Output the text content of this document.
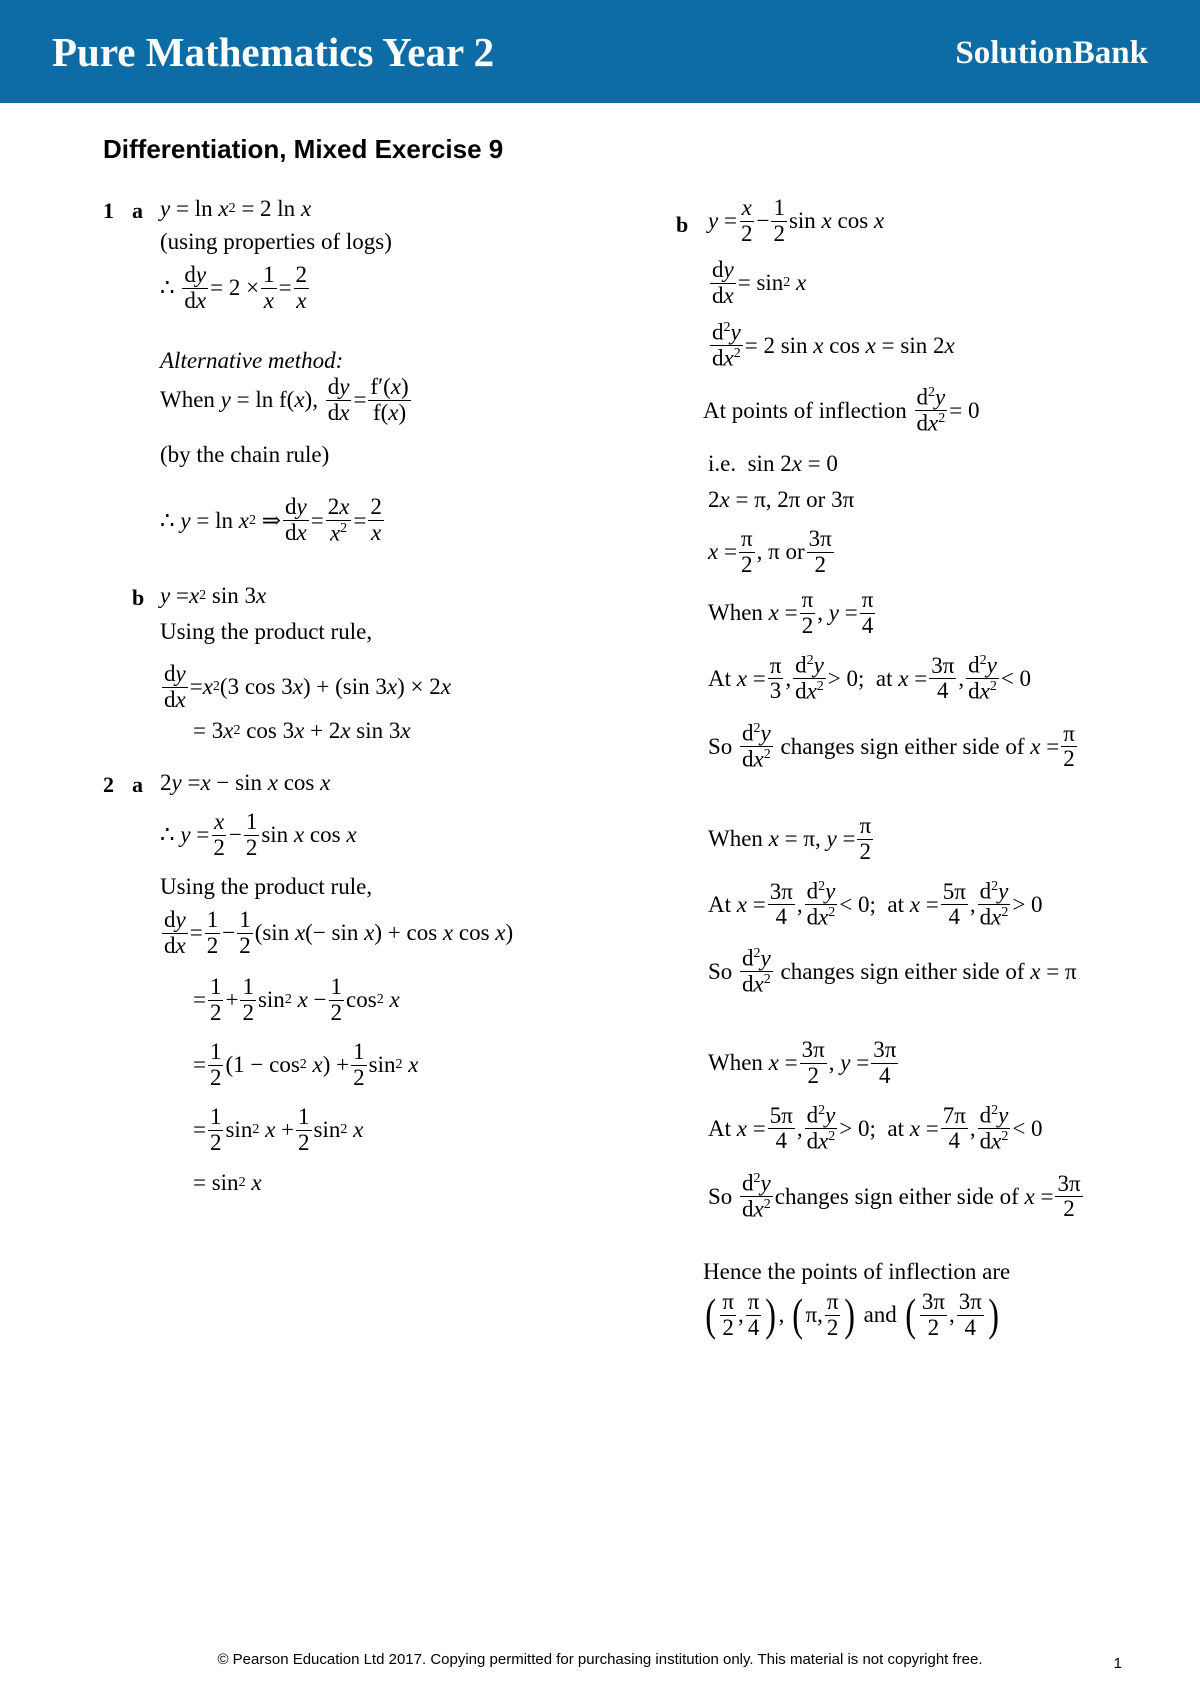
Pure Mathematics Year 2	SolutionBank
Differentiation, Mixed Exercise 9
1 a y = ln x 2 = 2 ln x
(using properties of logs)
∴ $\frac{dy}{dx} = 2 \times \frac{1}{x} = \frac{2}{x}$
Alternative method:
When
y = ln f( x ), $\frac{dy}{dx} = \frac{f'(x)}{f(x)}$
(by the chain rule)
∴ y = ln x 2 ⇒ $\frac{dy}{dx} = \frac{2x}{x^2} = \frac{2}{x}$
b y = x 2 sin 3 x
Using the product rule,
$\frac{dy}{dx} = x$ 2 (3 cos 3 x ) + (sin 3 x ) × 2 x
= 3 x 2 cos 3 x + 2 x sin 3 x
2 a 2 y = x − sin x cos x
∴ $y = \frac{x}{2} - \frac{1}{2}$ sin x cos x
Using the product rule,
$\frac{dy}{dx} = \frac{1}{2} - \frac{1}{2} (\sin$ x (− sin x ) + cos x cos x )
= $\frac{1}{2} + \frac{1}{2}$ sin 2
$x - \frac{1}{2}$ cos 2
x
= $\frac{1}{2} (1 - \cos 2$
x ) + $\frac{1}{2}$ sin 2
x
= $\frac{1}{2}$ sin 2
$x + \frac{1}{2}$ sin 2
x
= sin 2
x
b $y = \frac{x}{2} - \frac{1}{2}$ sin x cos x
$\frac{dy}{dx} = \sin 2$
x
$\frac{d^2y}{dx^2} = 2$ sin x cos x = sin 2 x
At points of inflection
$\frac{d^2y}{dx^2} = 0$
i.e. sin 2 x = 0
2 x = π, 2π or 3π
$x = \frac{\pi}{2}$ , π or $\frac{3\pi}{2}$
When
$x = \frac{\pi}{2}$ , $y = \frac{\pi}{4}$
At
$x = \frac{\pi}{3}$ , $\frac{d^2y}{dx^2} > 0$;  at $x = \frac{3\pi}{4}$ , $\frac{d^2y}{dx^2} < 0$
So
$\frac{d^2y}{dx^2}$
changes sign either side of
$x = \frac{\pi}{2}$
When
x = π, $y = \frac{\pi}{2}$
At
$x = \frac{3\pi}{4}$ , $\frac{d^2y}{dx^2} < 0$;  at $x = \frac{5\pi}{4}$ , $\frac{d^2y}{dx^2} > 0$
So
$\frac{d^2y}{dx^2}$
changes sign either side of
x = π
When
$x = \frac{3\pi}{2}$ , $y = \frac{3\pi}{4}$
At
$x = \frac{5\pi}{4}$ , $\frac{d^2y}{dx^2} > 0$;  at $x = \frac{7\pi}{4}$ , $\frac{d^2y}{dx^2} < 0$
So
$\frac{d^2y}{dx^2}$ changes sign either side of
$x = \frac{3\pi}{2}$
Hence the points of inflection are
( $\frac{\pi}{2}$ , $\frac{\pi}{4}$ ) , ( π, $\frac{\pi}{2}$ )
and
( $\frac{3\pi}{2}$ , $\frac{3\pi}{4}$ )
© Pearson Education Ltd 2017. Copying permitted for purchasing institution only. This material is not copyright free.	1
